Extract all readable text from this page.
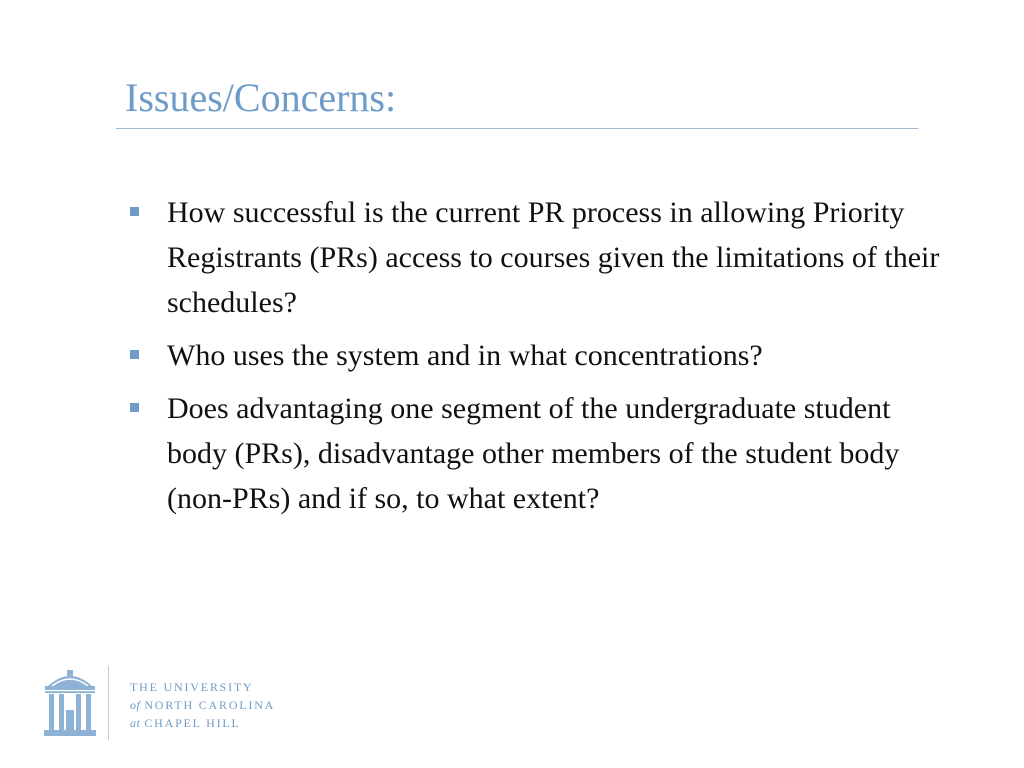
Issues/Concerns:
How successful is the current PR process in allowing Priority Registrants (PRs) access to courses given the limitations of their schedules?
Who uses the system and in what concentrations?
Does advantaging one segment of the undergraduate student body (PRs), disadvantage other members of the student body (non-PRs) and if so, to what extent?
THE UNIVERSITY
of NORTH CAROLINA
at CHAPEL HILL
